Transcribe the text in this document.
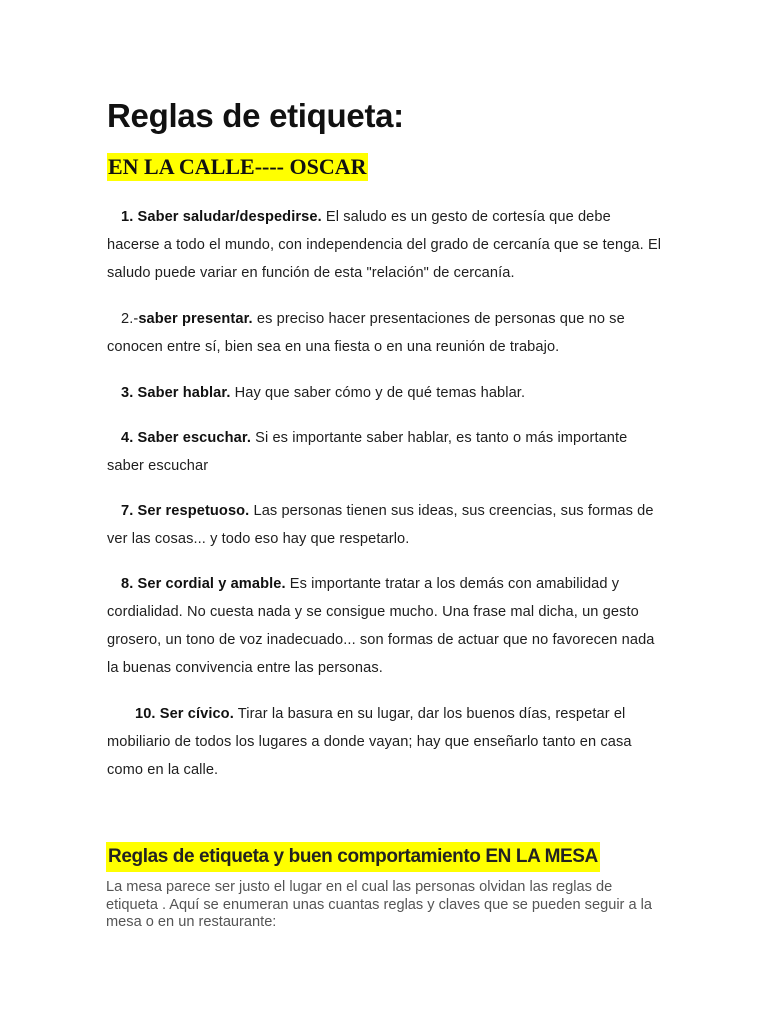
Reglas de etiqueta:
EN LA CALLE---- OSCAR

1. Saber saludar/despedirse. El saludo es un gesto de cortesía que debe hacerse a todo el mundo, con independencia del grado de cercanía que se tenga. El saludo puede variar en función de esta "relación" de cercanía.

2.-saber presentar. es preciso hacer presentaciones de personas que no se conocen entre sí, bien sea en una fiesta o en una reunión de trabajo.

3. Saber hablar. Hay que saber cómo y de qué temas hablar.

4. Saber escuchar. Si es importante saber hablar, es tanto o más importante saber escuchar

7. Ser respetuoso. Las personas tienen sus ideas, sus creencias, sus formas de ver las cosas... y todo eso hay que respetarlo.

8. Ser cordial y amable. Es importante tratar a los demás con amabilidad y cordialidad. No cuesta nada y se consigue mucho. Una frase mal dicha, un gesto grosero, un tono de voz inadecuado... son formas de actuar que no favorecen nada la buenas convivencia entre las personas.

10. Ser cívico. Tirar la basura en su lugar, dar los buenos días, respetar el mobiliario de todos los lugares a donde vayan; hay que enseñarlo tanto en casa como en la calle.

Reglas de etiqueta y buen comportamiento EN LA MESA

La mesa parece ser justo el lugar en el cual las personas olvidan las reglas de etiqueta . Aquí se enumeran unas cuantas reglas y claves que se pueden seguir a la mesa o en un restaurante:
